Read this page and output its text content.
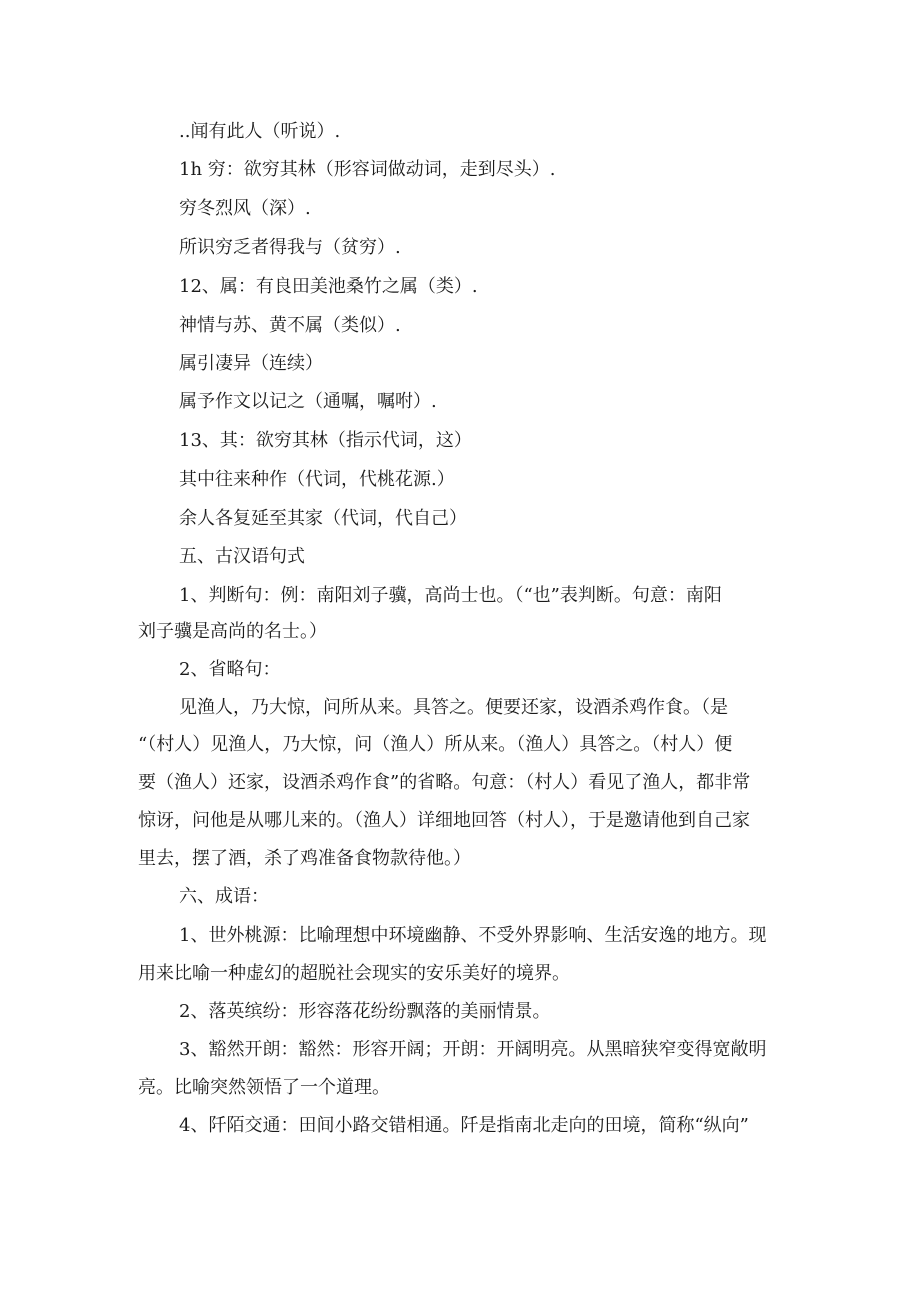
..闻有此人（听说）.
1h 穷：欲穷其林（形容词做动词，走到尽头）.
穷冬烈风（深）.
所识穷乏者得我与（贫穷）.
12、属：有良田美池桑竹之属（类）.
神情与苏、黄不属（类似）.
属引凄异（连续）
属予作文以记之（通嘱，嘱咐）.
13、其：欲穷其林（指示代词，这）
其中往来种作（代词，代桃花源.）
余人各复延至其家（代词，代自己）
五、古汉语句式
1、判断句：例：南阳刘子骥，高尚士也。（“也”表判断。句意：南阳
刘子骥是高尚的名士。）
2、省略句：
见渔人，乃大惊，问所从来。具答之。便要还家，设酒杀鸡作食。（是
“（村人）见渔人，乃大惊，问（渔人）所从来。（渔人）具答之。（村人）便
要（渔人）还家，设酒杀鸡作食”的省略。句意：（村人）看见了渔人，都非常
惊讶，问他是从哪儿来的。（渔人）详细地回答（村人），于是邀请他到自己家
里去，摆了酒，杀了鸡准备食物款待他。）
六、成语：
1、世外桃源：比喻理想中环境幽静、不受外界影响、生活安逸的地方。现
用来比喻一种虚幻的超脱社会现实的安乐美好的境界。
2、落英缤纷：形容落花纷纷飘落的美丽情景。
3、豁然开朗：豁然：形容开阔；开朗：开阔明亮。从黑暗狭窄变得宽敞明
亮。比喻突然领悟了一个道理。
4、阡陌交通：田间小路交错相通。阡是指南北走向的田境，简称“纵向”
